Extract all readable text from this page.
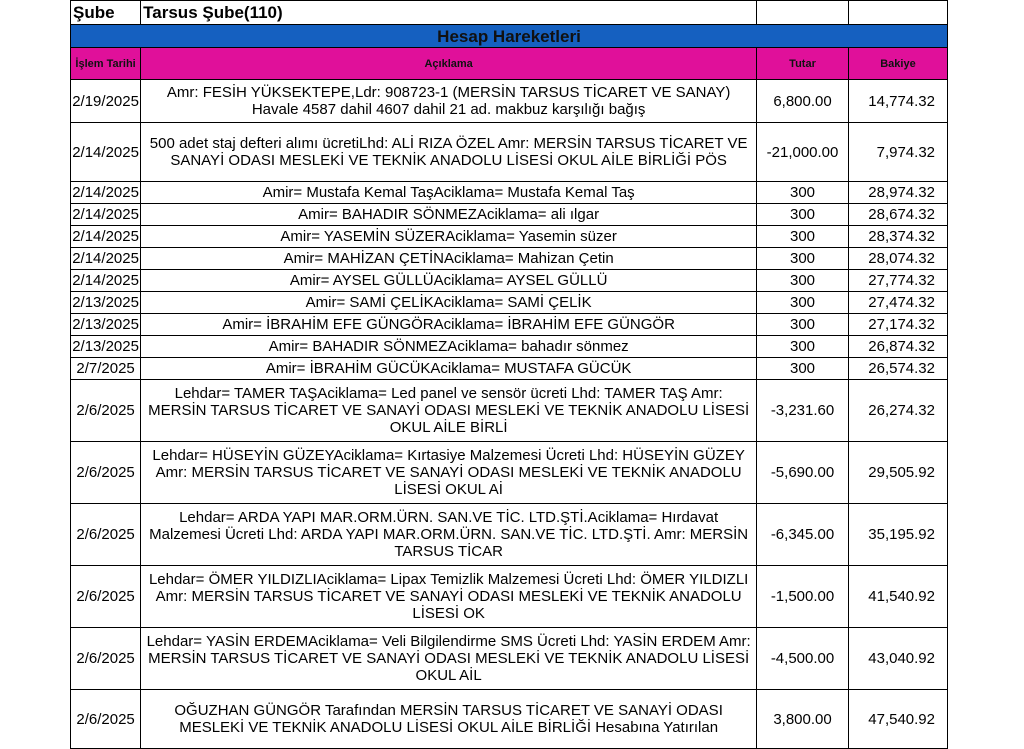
Şube	Tarsus Şube(110)		
Hesap Hareketleri			
İşlem Tarihi	Açıklama	Tutar	Bakiye
2/19/2025	Amr: FESİH YÜKSEKTEPE,Ldr: 908723-1 (MERSİN TARSUS TİCARET VE SANAY) Havale 4587 dahil 4607 dahil 21 ad. makbuz karşılığı bağış	6,800.00	14,774.32
2/14/2025	500 adet staj defteri alımı ücretiLhd: ALİ RIZA ÖZEL Amr: MERSİN TARSUS TİCARET VE SANAYİ ODASI MESLEKİ VE TEKNİK ANADOLU LİSESİ OKUL AİLE BİRLİĞİ PÖS	-21,000.00	7,974.32
2/14/2025	Amir= Mustafa Kemal TaşAciklama= Mustafa Kemal Taş	300	28,974.32
2/14/2025	Amir= BAHADIR SÖNMEZAciklama= ali ılgar	300	28,674.32
2/14/2025	Amir= YASEMİN SÜZERAciklama= Yasemin süzer	300	28,374.32
2/14/2025	Amir= MAHİZAN ÇETİNAciklama= Mahizan Çetin	300	28,074.32
2/14/2025	Amir= AYSEL GÜLLÜAciklama= AYSEL GÜLLÜ	300	27,774.32
2/13/2025	Amir= SAMİ ÇELİKAciklama= SAMİ ÇELİK	300	27,474.32
2/13/2025	Amir= İBRAHİM EFE GÜNGÖRAciklama= İBRAHİM EFE GÜNGÖR	300	27,174.32
2/13/2025	Amir= BAHADIR SÖNMEZAciklama= bahadır sönmez	300	26,874.32
2/7/2025	Amir= İBRAHİM GÜCÜKAciklama= MUSTAFA GÜCÜK	300	26,574.32
2/6/2025	Lehdar= TAMER TAŞAciklama= Led panel ve sensör ücreti Lhd: TAMER TAŞ Amr: MERSİN TARSUS TİCARET VE SANAYİ ODASI MESLEKİ VE TEKNİK ANADOLU LİSESİ OKUL AİLE BİRLİ	-3,231.60	26,274.32
2/6/2025	Lehdar= HÜSEYİN GÜZEYAciklama= Kırtasiye Malzemesi Ücreti Lhd: HÜSEYİN GÜZEY Amr: MERSİN TARSUS TİCARET VE SANAYİ ODASI MESLEKİ VE TEKNİK ANADOLU LİSESİ OKUL Aİ	-5,690.00	29,505.92
2/6/2025	Lehdar= ARDA YAPI MAR.ORM.ÜRN. SAN.VE TİC. LTD.ŞTİ.Aciklama= Hırdavat Malzemesi Ücreti Lhd: ARDA YAPI MAR.ORM.ÜRN. SAN.VE TİC. LTD.ŞTİ. Amr: MERSİN TARSUS TİCAR	-6,345.00	35,195.92
2/6/2025	Lehdar= ÖMER YILDIZLIAciklama= Lipax Temizlik Malzemesi Ücreti Lhd: ÖMER YILDIZLI Amr: MERSİN TARSUS TİCARET VE SANAYİ ODASI MESLEKİ VE TEKNİK ANADOLU LİSESİ OK	-1,500.00	41,540.92
2/6/2025	Lehdar= YASİN ERDEMAciklama= Veli Bilgilendirme SMS Ücreti Lhd: YASİN ERDEM Amr: MERSİN TARSUS TİCARET VE SANAYİ ODASI MESLEKİ VE TEKNİK ANADOLU LİSESİ OKUL AİL	-4,500.00	43,040.92
2/6/2025	OĞUZHAN GÜNGÖR Tarafından MERSİN TARSUS TİCARET VE SANAYİ ODASI MESLEKİ VE TEKNİK ANADOLU LİSESİ OKUL AİLE BİRLİĞİ Hesabına Yatırılan	3,800.00	47,540.92
